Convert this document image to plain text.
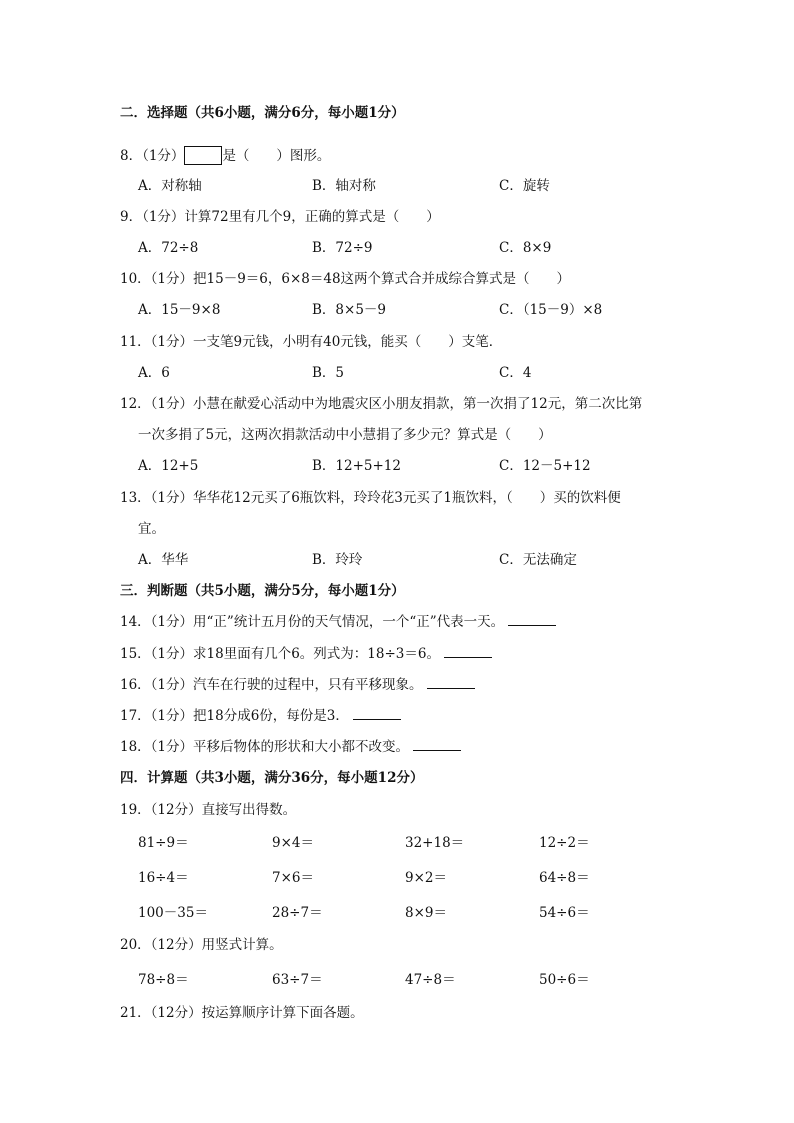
二．选择题（共6小题，满分6分，每小题1分）
8．（1分）	是（　　）图形。
A．对称轴	B．轴对称	C．旋转
9．（1分）计算72里有几个9，正确的算式是（　　）
A．72÷8	B．72÷9	C．8×9
10．（1分）把15－9＝6，6×8＝48这两个算式合并成综合算式是（　　）
A．15－9×8	B．8×5－9	C．（15－9）×8
11．（1分）一支笔9元钱，小明有40元钱，能买（　　）支笔．
A．6	B．5	C．4
12．（1分）小慧在献爱心活动中为地震灾区小朋友捐款，第一次捐了12元，第二次比第
一次多捐了5元，这两次捐款活动中小慧捐了多少元？算式是（　　）
A．12+5	B．12+5+12	C．12－5+12
13．（1分）华华花12元买了6瓶饮料，玲玲花3元买了1瓶饮料，（　　）买的饮料便
宜。
A．华华	B．玲玲	C．无法确定
三．判断题（共5小题，满分5分，每小题1分）
14．（1分）用“正”统计五月份的天气情况，一个“正”代表一天。
15．（1分）求18里面有几个6。列式为：18÷3＝6。
16．（1分）汽车在行驶的过程中，只有平移现象。
17．（1分）把18分成6份，每份是3．
18．（1分）平移后物体的形状和大小都不改变。
四．计算题（共3小题，满分36分，每小题12分）
19．（12分）直接写出得数。
81÷9＝	9×4＝	32+18＝	12÷2＝
16÷4＝	7×6＝	9×2＝	64÷8＝
100－35＝	28÷7＝	8×9＝	54÷6＝
20．（12分）用竖式计算。
78÷8＝	63÷7＝	47÷8＝	50÷6＝
21．（12分）按运算顺序计算下面各题。
